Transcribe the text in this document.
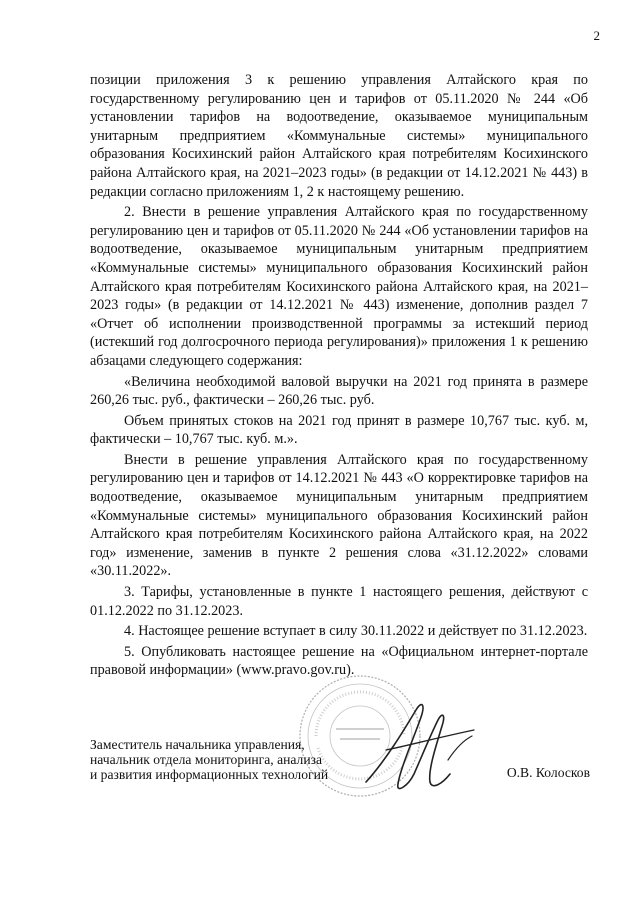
2

позиции приложения 3 к решению управления Алтайского края по государственному регулированию цен и тарифов от 05.11.2020 № 244 «Об установлении тарифов на водоотведение, оказываемое муниципальным унитарным предприятием «Коммунальные системы» муниципального образования Косихинский район Алтайского края потребителям Косихинского района Алтайского края, на 2021–2023 годы» (в редакции от 14.12.2021 № 443) в редакции согласно приложениям 1, 2 к настоящему решению.

2. Внести в решение управления Алтайского края по государственному регулированию цен и тарифов от 05.11.2020 № 244 «Об установлении тарифов на водоотведение, оказываемое муниципальным унитарным предприятием «Коммунальные системы» муниципального образования Косихинский район Алтайского края потребителям Косихинского района Алтайского края, на 2021–2023 годы» (в редакции от 14.12.2021 № 443) изменение, дополнив раздел 7 «Отчет об исполнении производственной программы за истекший период (истекший год долгосрочного периода регулирования)» приложения 1 к решению абзацами следующего содержания:

«Величина необходимой валовой выручки на 2021 год принята в размере 260,26 тыс. руб., фактически – 260,26 тыс. руб.

Объем принятых стоков на 2021 год принят в размере 10,767 тыс. куб. м, фактически – 10,767 тыс. куб. м.».

Внести в решение управления Алтайского края по государственному регулированию цен и тарифов от 14.12.2021 № 443 «О корректировке тарифов на водоотведение, оказываемое муниципальным унитарным предприятием «Коммунальные системы» муниципального образования Косихинский район Алтайского края потребителям Косихинского района Алтайского края, на 2022 год» изменение, заменив в пункте 2 решения слова «31.12.2022» словами «30.11.2022».

3. Тарифы, установленные в пункте 1 настоящего решения, действуют с 01.12.2022 по 31.12.2023.

4. Настоящее решение вступает в силу 30.11.2022 и действует по 31.12.2023.

5. Опубликовать настоящее решение на «Официальном интернет-портале правовой информации» (www.pravo.gov.ru).

Заместитель начальника управления,
начальник отдела мониторинга, анализа
и развития информационных технологий	О.В. Колосков
